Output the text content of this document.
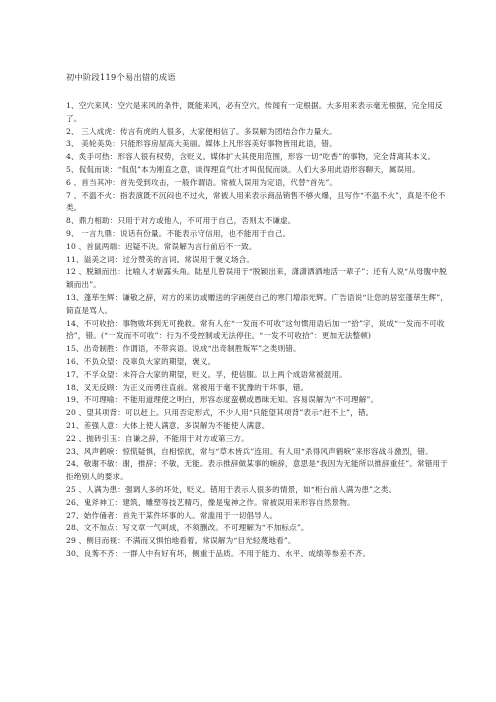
初中阶段119个易出错的成语

1、空穴来风：空穴是来风的条件，既能来风，必有空穴，传闻有一定根据。大多用来表示毫无根据，完全用反了。

2、 三人成虎：传言有虎的人很多，大家便相信了。多误解为团结合作力量大。

3、 美轮美奂：只能形容房屋高大美丽。媒体上凡形容美好事物皆用此语，错。

4、炙手可热：形容人很有权势，含贬义。媒体扩大其使用范围，形容一切“吃香”的事物，完全背离其本义。

5、侃侃而谈：“侃侃”本为刚直之意，谈得理直气壮才叫侃侃而谈。人们大多用此语形容聊天，属误用。

6 、首当其冲：首先受到攻击，一般作谓语。常被人误用为定语，代替“首先”。

7 、不温不火：指表演既不沉闷也不过火，常被人用来表示商品销售不够火爆，且写作“不温不火”，真是不伦不类。

8、鼎力相助：只用于对方或他人，不可用于自己，否则太不谦虚。

9、 一言九鼎：说话有份量。不能表示守信用，也不能用于自己。

10 、首鼠两端：迟疑不决。常误解为言行前后不一致。

11、溢美之词：过分赞美的言词。常误用于褒义场合。

12 、脱颖而出：比喻人才崭露头角。陆星儿曾误用于“脱颖出来，潇潇洒洒地活一辈子”；还有人说“从母腹中脱颖而出”。

13、蓬荜生辉：谦敬之辞，对方的来访或赠送的字画使自己的寒门增添光辉。广告语说“让您的居室蓬荜生辉”，简直是骂人。

14、不可收拾：事物败坏到无可挽救。常有人在“一发而不可收”这句惯用语后加一“拾”字，说成“一发而不可收拾”，错。(“一发而不可收”：行为不受控制或无法停住。“一发不可收拾”：更加无法整顿)

15、出奇制胜：作谓语，不带宾语。说成“出奇制胜叛军”之类则错。

16、不负众望：没辜负大家的期望，褒义。

17、不孚众望：未符合大家的期望，贬义。孚，使信服。以上两个成语常被混用。

18、叉无反顾：为正义而勇往直前。常被用于毫不犹豫的干坏事，错。

19、不可理喻：不能用道理使之明白，形容态度蛮横或愚昧无知。容易误解为“不可理解”。

20 、望其项背：可以赶上。只用否定形式，不少人用“只能望其项背”表示“赶不上”，错。

21、差强人意：大体上使人满意。多误解为不能使人满意。

22 、抛砖引玉：自谦之辞，不能用于对方或第三方。

23、风声鹤唳：惊慌疑惧，自相惊扰，常与“草木皆兵”连用。有人用“杀得风声鹤唳”来形容战斗激烈，错。

24、敬谢不敏：谢，推辞；不敏，无能。表示推辞做某事的婉辞，意思是“我因为无能所以推辞重任”。常错用于拒绝别人的要求。

25 、人满为患：强调人多的坏处，贬义。错用于表示人很多的情景，如“柜台前人满为患”之类。

26、鬼斧神工：建筑、雕塑等技艺精巧，像是鬼神之作。常被误用来形容自然景物。

27、始作俑者：首先干某件坏事的人。常滥用于一切倡导人。

28、文不加点：写文章一气呵成，不须删改。不可理解为“不加标点”。

29 、侧目而视：不满而又惧怕地看着。常误解为“目光轻蔑地看”。

30、良莠不齐：一群人中有好有坏，侧重于品质。不用于能力、水平、成绩等参差不齐。
